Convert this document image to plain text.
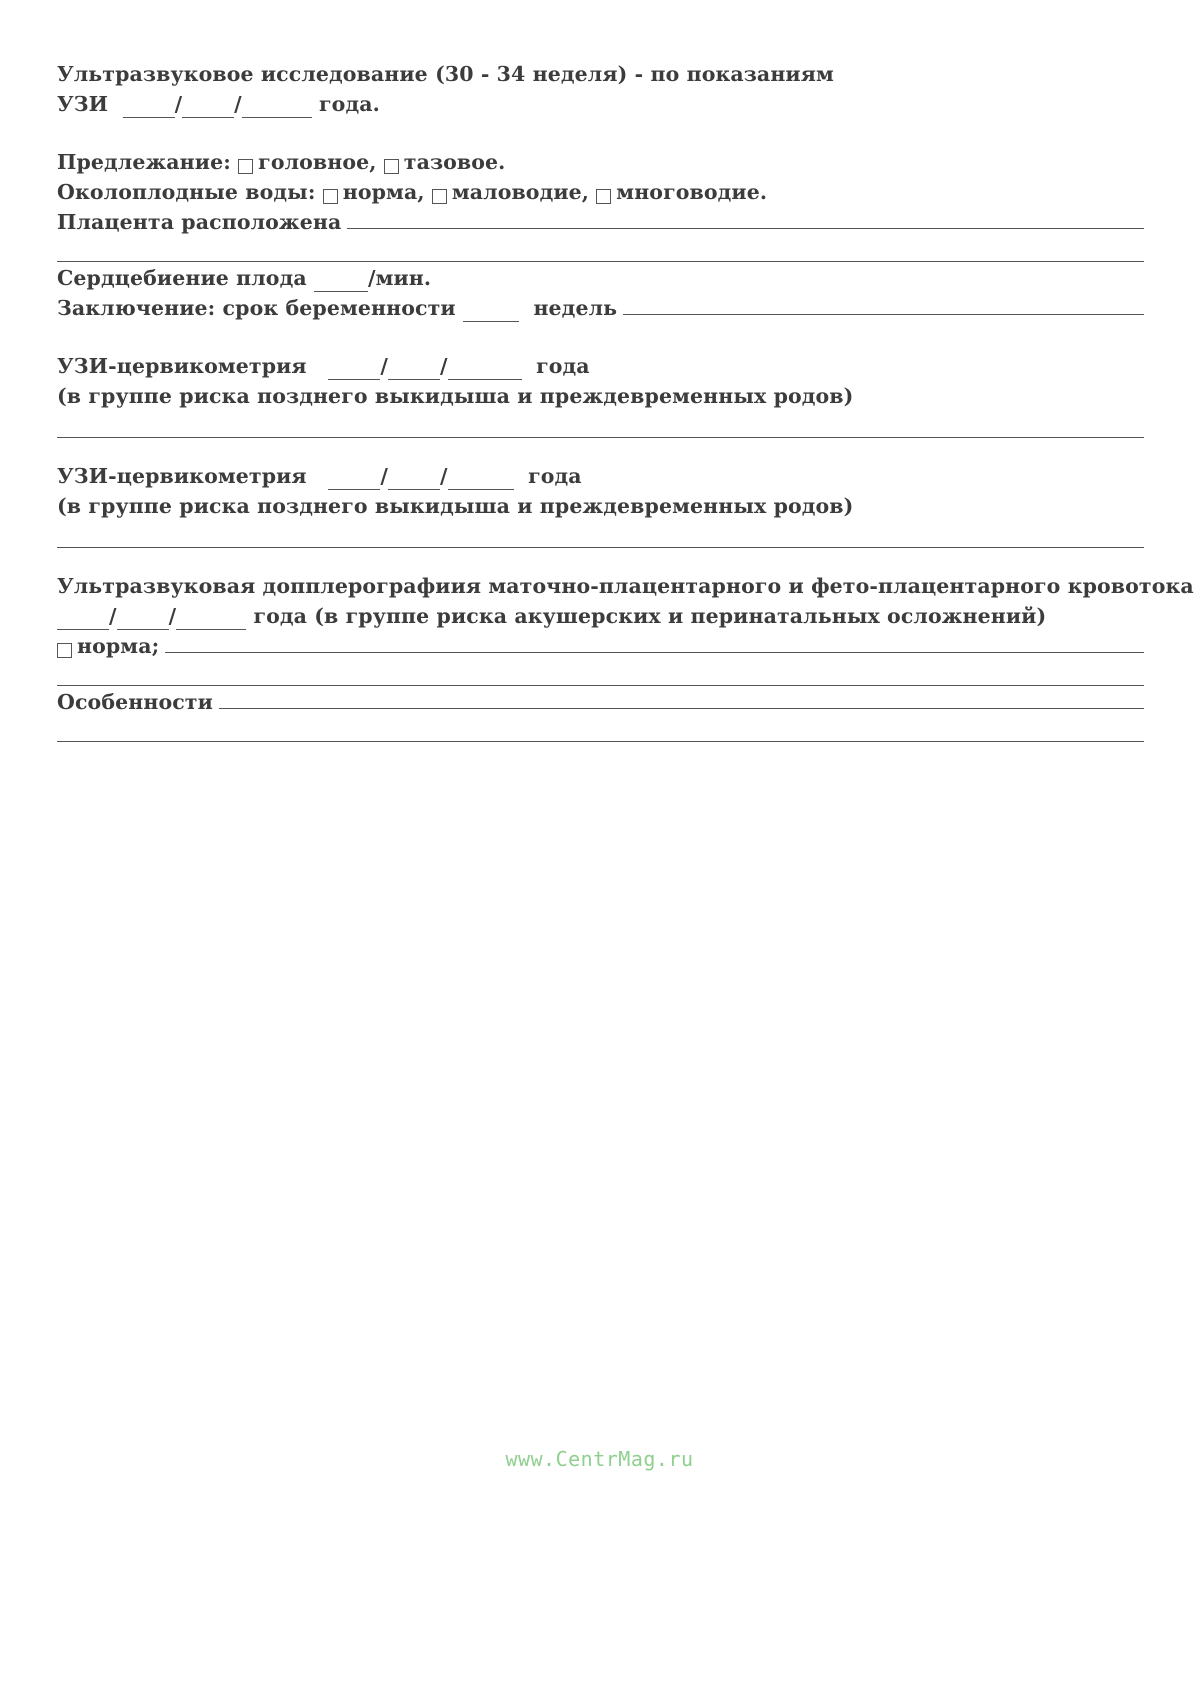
Ультразвуковое исследование (30 - 34 неделя) - по показаниям
УЗИ
	/	/
	года.
Предлежание:
головное,
тазовое.
Околоплодные воды:
норма,
маловодие,
многоводие.
Плацента расположена
Сердцебиение плода
	/мин.
Заключение: срок беременности

	недель
УЗИ-цервикометрия
	/	/
	года
(в группе риска позднего выкидыша и преждевременных родов)
УЗИ-цервикометрия
	/	/
	года
(в группе риска позднего выкидыша и преждевременных родов)
Ультразвуковая допплерографиия маточно-плацентарного и фето-плацентарного кровотока
/	/
	года (в группе риска акушерских и перинатальных осложнений)
норма;
Особенности
www.CentrMag.ru
